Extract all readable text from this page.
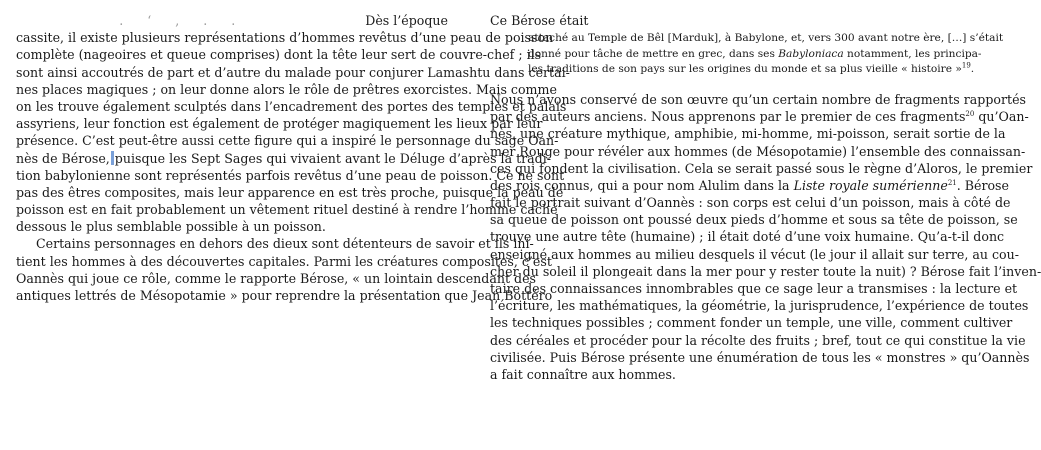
. ‘ , . .	Dès l’époque
cassite, il existe plusieurs représentations d’hommes revêtus d’une peau de poisson
complète (nageoires et queue comprises) dont la tête leur sert de couvre-chef ; ils
sont ainsi accoutrés de part et d’autre du malade pour conjurer Lamashtu dans certai-
nes places magiques ; on leur donne alors le rôle de prêtres exorcistes. Mais comme
on les trouve également sculptés dans l’encadrement des portes des temples et palais
assyriens, leur fonction est également de protéger magiquement les lieux par leur
présence. C’est peut-être aussi cette figure qui a inspiré le personnage du sage Oan-
nès de Bérose, puisque les Sept Sages qui vivaient avant le Déluge d’après la tradi-
tion babylonienne sont représentés parfois revêtus d’une peau de poisson. Ce ne sont
pas des êtres composites, mais leur apparence en est très proche, puisque la peau de
poisson est en fait probablement un vêtement rituel destiné à rendre l’homme caché
dessous le plus semblable possible à un poisson.
Certains personnages en dehors des dieux sont détenteurs de savoir et ils ini-
tient les hommes à des découvertes capitales. Parmi les créatures composites, c’est
Oannès qui joue ce rôle, comme le rapporte Bérose, « un lointain descendant des
antiques lettrés de Mésopotamie » pour reprendre la présentation que Jean Bottéro
Ce Bérose était
attaché au Temple de Bêl [Marduk], à Babylone, et, vers 300 avant notre ère, […] s’était
donné pour tâche de mettre en grec, dans ses Babyloniaca notamment, les principa-
les traditions de son pays sur les origines du monde et sa plus vieille « histoire »$^{19}$.
Nous n’avons conservé de son œuvre qu’un certain nombre de fragments rapportés
par des auteurs anciens. Nous apprenons par le premier de ces fragments$^{20}$ qu’Oan-
nès, une créature mythique, amphibie, mi-homme, mi-poisson, serait sortie de la
mer Rouge pour révéler aux hommes (de Mésopotamie) l’ensemble des connaissan-
ces qui fondent la civilisation. Cela se serait passé sous le règne d’Aloros, le premier
des rois connus, qui a pour nom Alulim dans la Liste royale sumérienne$^{21}$. Bérose
fait le portrait suivant d’Oannès : son corps est celui d’un poisson, mais à côté de
sa queue de poisson ont poussé deux pieds d’homme et sous sa tête de poisson, se
trouve une autre tête (humaine) ; il était doté d’une voix humaine. Qu’a-t-il donc
enseigné aux hommes au milieu desquels il vécut (le jour il allait sur terre, au cou-
cher du soleil il plongeait dans la mer pour y rester toute la nuit) ? Bérose fait l’inven-
taire des connaissances innombrables que ce sage leur a transmises : la lecture et
l’écriture, les mathématiques, la géométrie, la jurisprudence, l’expérience de toutes
les techniques possibles ; comment fonder un temple, une ville, comment cultiver
des céréales et procéder pour la récolte des fruits ; bref, tout ce qui constitue la vie
civilisée. Puis Bérose présente une énumération de tous les « monstres » qu’Oannès
a fait connaître aux hommes.
